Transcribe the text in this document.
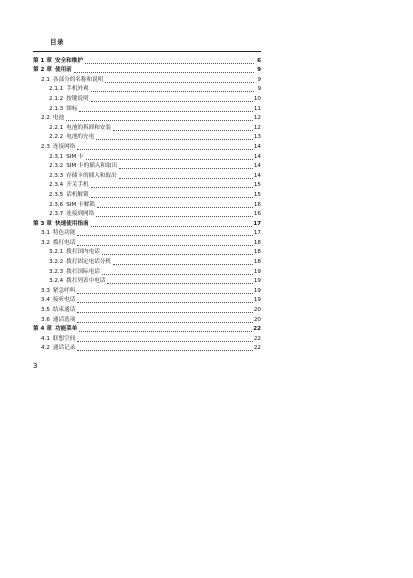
目录
第 1 章 安全和维护	6
第 2 章 使用前	9
2.1 各部分的名称和说明	9
2.1.1 手机外观	9
2.1.2 按键说明	10
2.1.3 图标	11
2.2 电池	12
2.2.1 电池的拆卸和安装	12
2.2.2 电池的充电	13
2.3 连接网络	14
2.3.1 SIM 卡	14
2.3.2 SIM 卡的插入和取出	14
2.3.3 存储卡的插入和取出	14
2.3.4 开关手机	15
2.3.5 话机解锁	15
2.3.6 SIM 卡解锁	16
2.3.7 连接到网络	16
第 3 章 快速使用指南	17
3.1 特色功能	17
3.2 拨打电话	18
3.2.1 拨打国内电话	18
3.2.2 拨打固定电话分机	18
3.2.3 拨打国际电话	19
3.2.4 拨打列表中电话	19
3.3 紧急呼叫	19
3.4 接听电话	19
3.5 结束通话	20
3.6 通话选项	20
第 4 章 功能菜单	22
4.1 联想空间	22
4.2 通话记录	22
3
